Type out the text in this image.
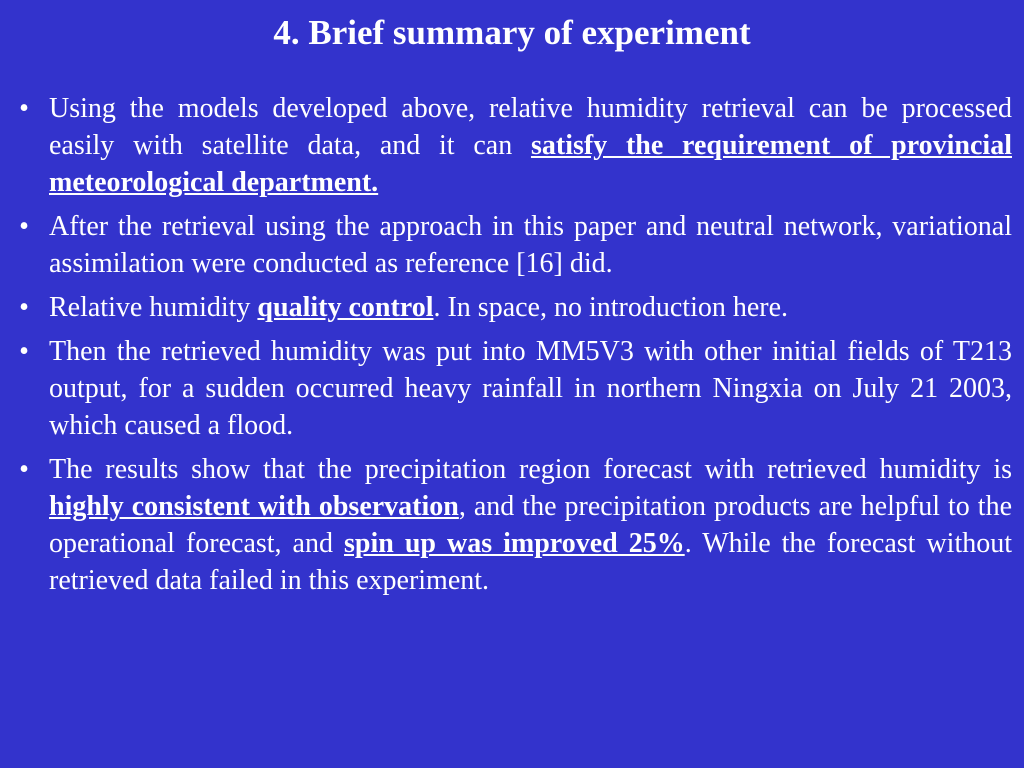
4. Brief summary of experiment
• Using the models developed above, relative humidity retrieval can be processed easily with satellite data, and it can satisfy the requirement of provincial meteorological department.
• After the retrieval using the approach in this paper and neutral network, variational assimilation were conducted as reference [16] did.
• Relative humidity quality control. In space, no introduction here.
• Then the retrieved humidity was put into MM5V3 with other initial fields of T213 output, for a sudden occurred heavy rainfall in northern Ningxia on July 21 2003, which caused a flood.
• The results show that the precipitation region forecast with retrieved humidity is highly consistent with observation, and the precipitation products are helpful to the operational forecast, and spin up was improved 25%. While the forecast without retrieved data failed in this experiment.
